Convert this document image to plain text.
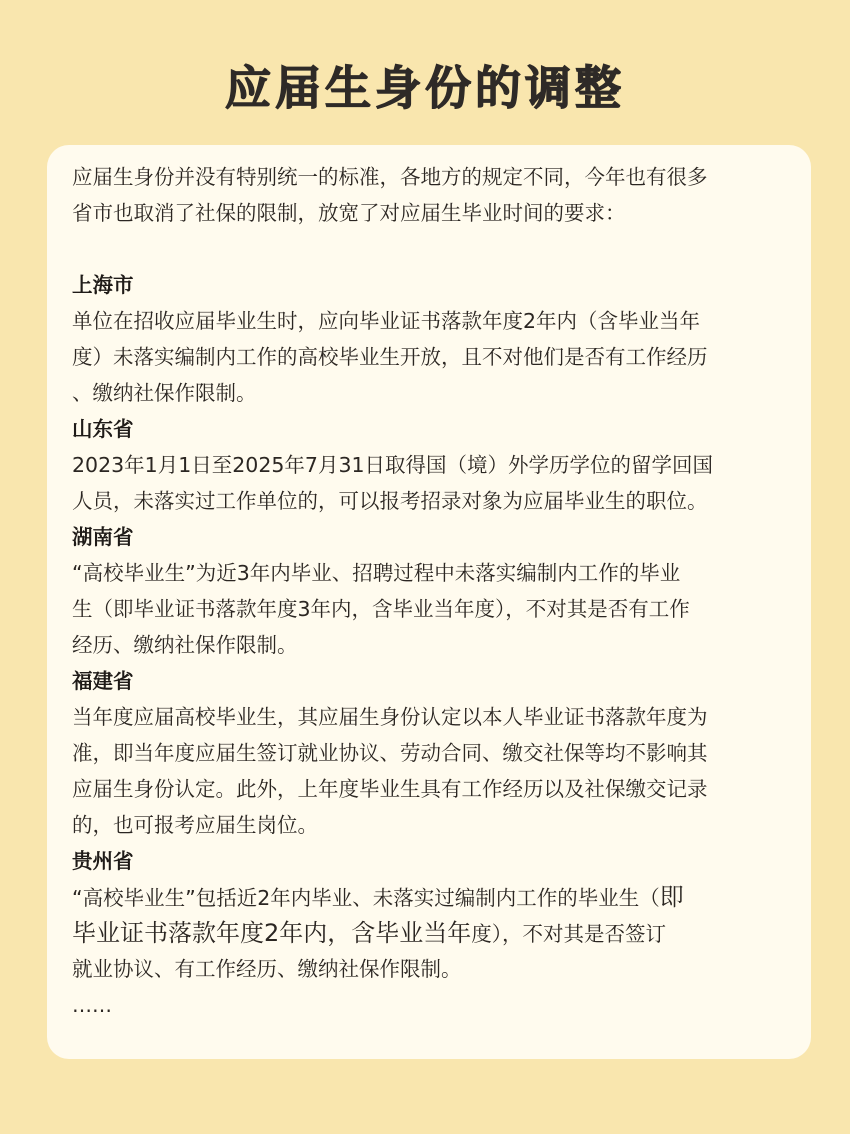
应届生身份的调整
应届生身份并没有特别统一的标准，各地方的规定不同，今年也有很多
省市也取消了社保的限制，放宽了对应届生毕业时间的要求：
上海市
单位在招收应届毕业生时，应向毕业证书落款年度2年内（含毕业当年
度）未落实编制内工作的高校毕业生开放，且不对他们是否有工作经历
、缴纳社保作限制。
山东省
2023年1月1日至2025年7月31日取得国（境）外学历学位的留学回国
人员，未落实过工作单位的，可以报考招录对象为应届毕业生的职位。
湖南省
“高校毕业生”为近3年内毕业、招聘过程中未落实编制内工作的毕业
生（即毕业证书落款年度3年内，含毕业当年度），不对其是否有工作
经历、缴纳社保作限制。
福建省
当年度应届高校毕业生，其应届生身份认定以本人毕业证书落款年度为
准，即当年度应届生签订就业协议、劳动合同、缴交社保等均不影响其
应届生身份认定。此外，上年度毕业生具有工作经历以及社保缴交记录
的，也可报考应届生岗位。
贵州省
“高校毕业生”包括近2年内毕业、未落实过编制内工作的毕业生（即
毕业证书落款年度2年内，含毕业当年度），不对其是否签订
就业协议、有工作经历、缴纳社保作限制。
……
